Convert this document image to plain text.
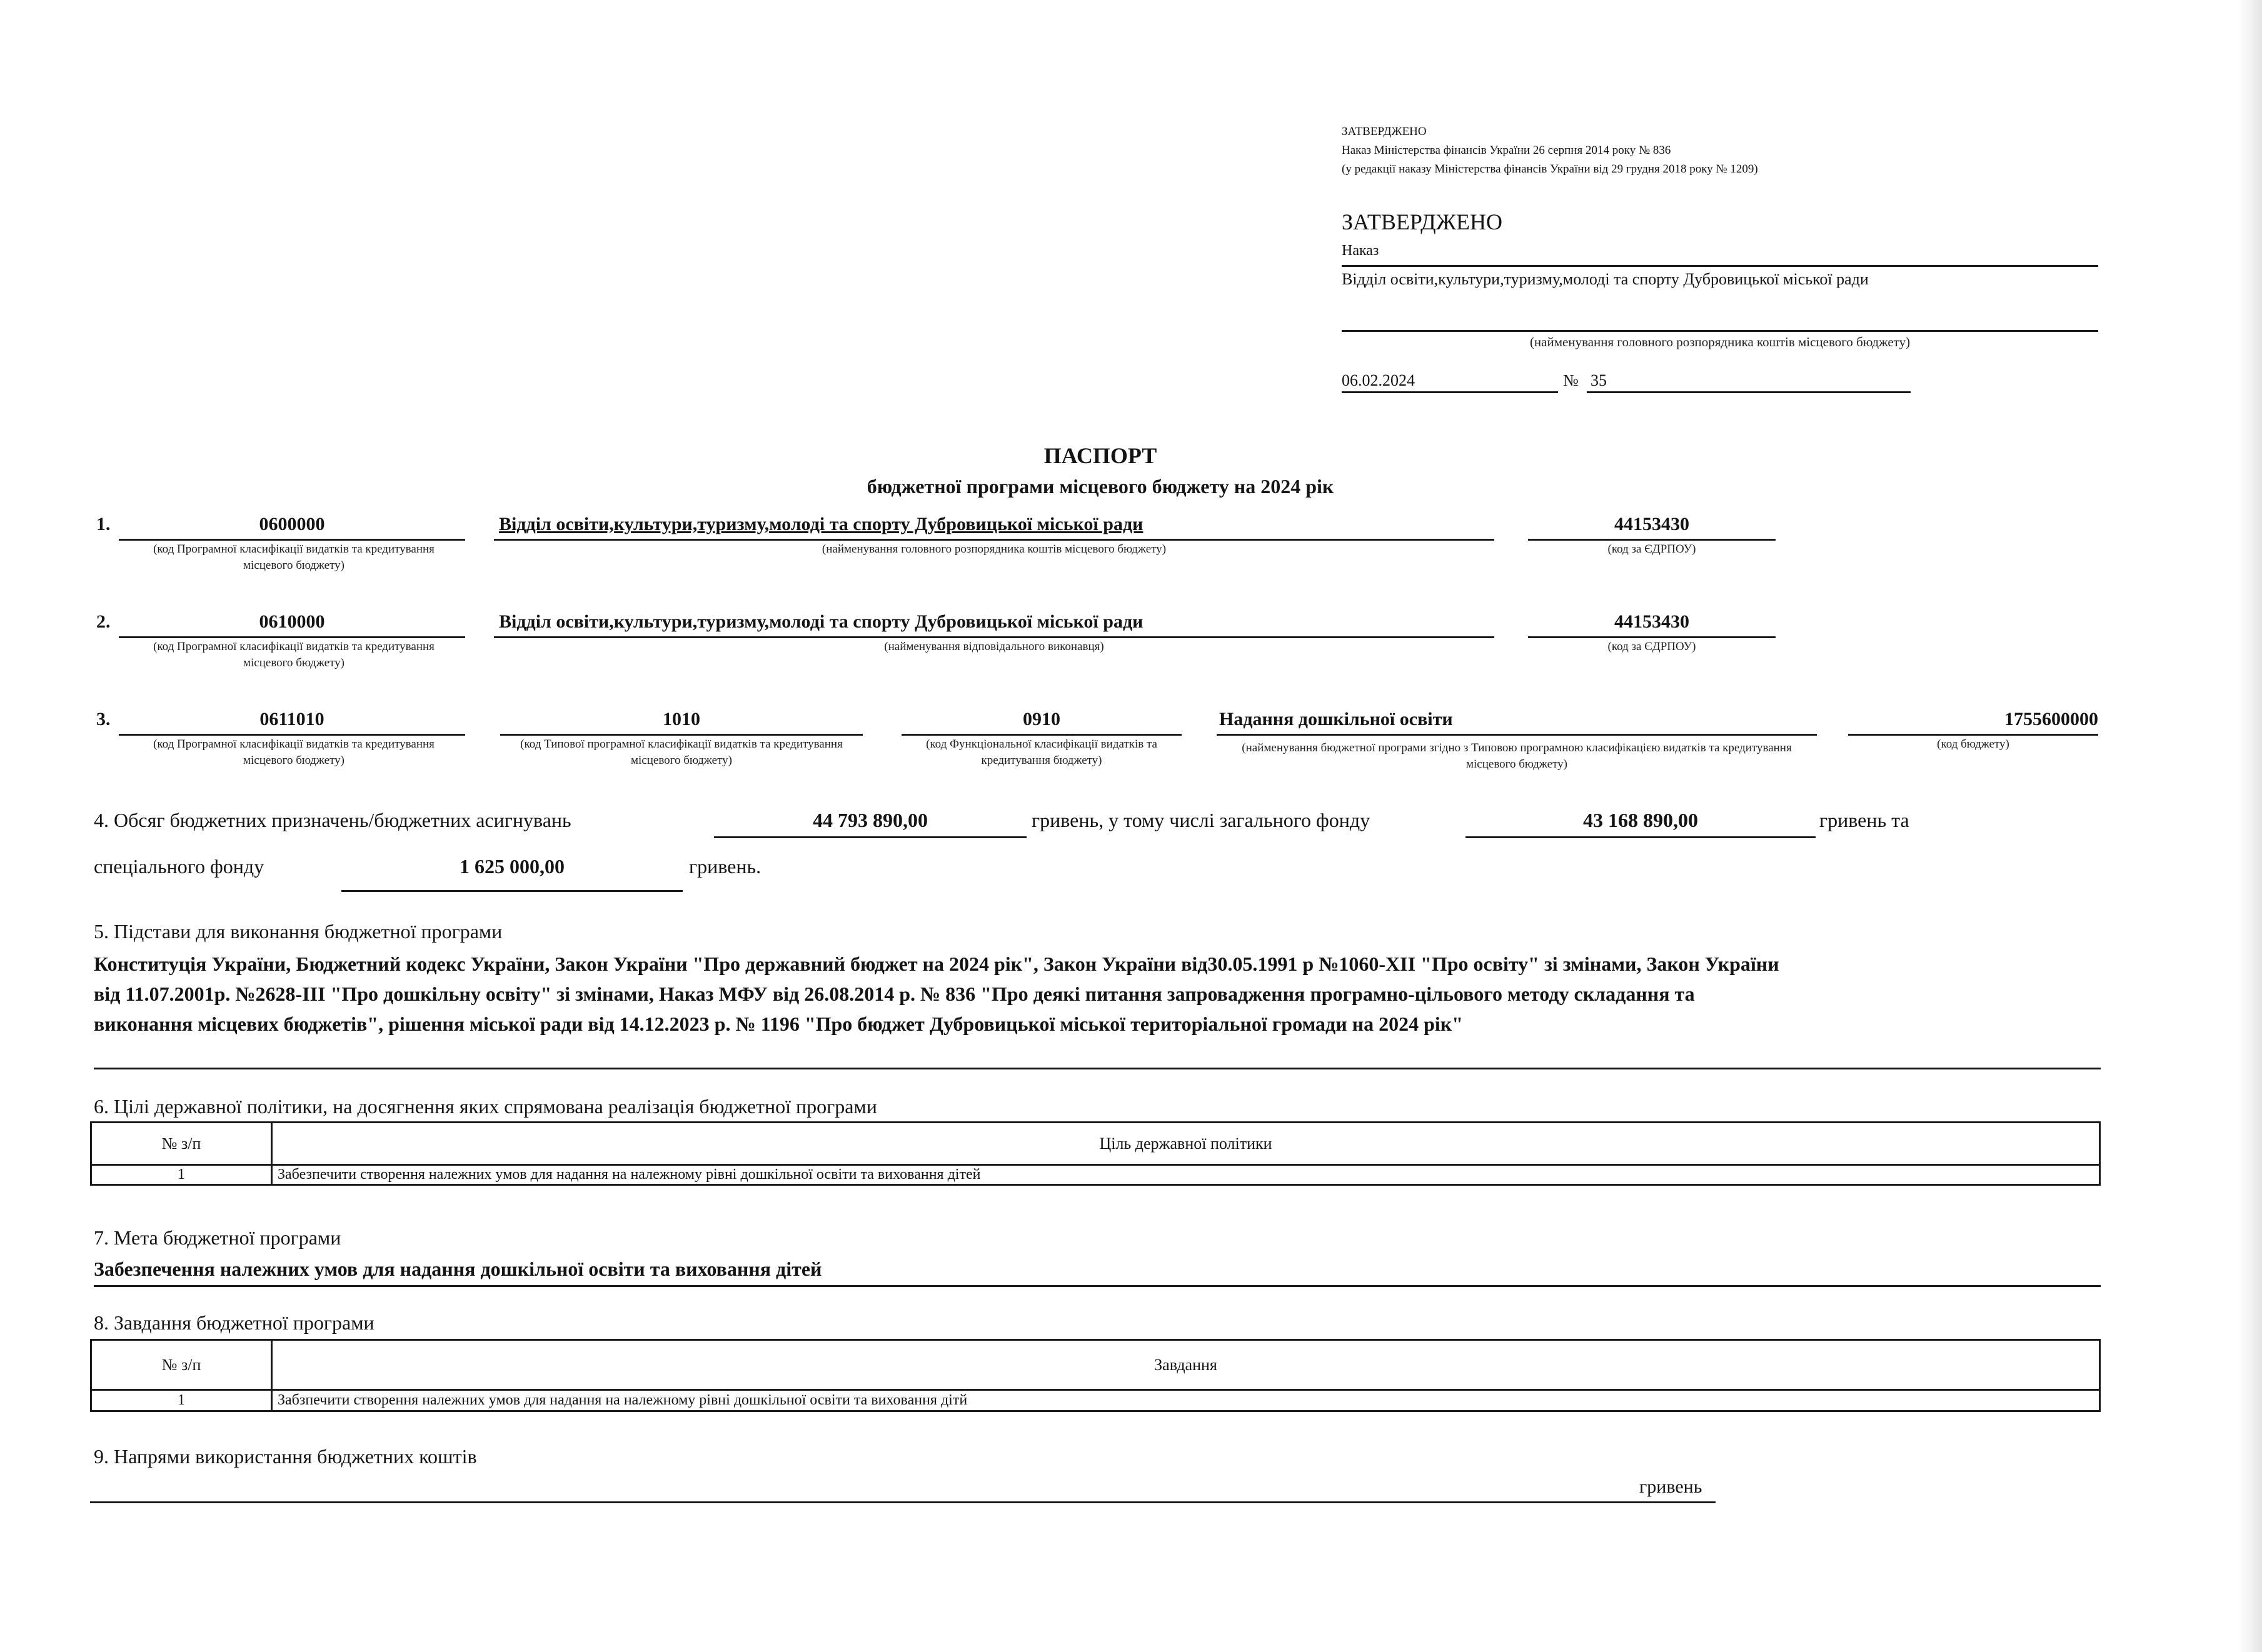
ЗАТВЕРДЖЕНО
Наказ Міністерства фінансів України 26 серпня 2014 року № 836
(у редакції наказу Міністерства фінансів України від 29 грудня 2018 року № 1209)
ЗАТВЕРДЖЕНО
Наказ
Відділ освіти,культури,туризму,молоді та спорту Дубровицької міської ради
(найменування головного розпорядника коштів місцевого бюджету)
06.02.2024	№ 35
ПАСПОРТ
бюджетної програми місцевого бюджету на 2024 рік
1.	0600000
(код Програмної класифікації видатків та кредитування місцевого бюджету)
Відділ освіти,культури,туризму,молоді та спорту Дубровицької міської ради
(найменування головного розпорядника коштів місцевого бюджету)
44153430
(код за ЄДРПОУ)
2.	0610000
(код Програмної класифікації видатків та кредитування місцевого бюджету)
Відділ освіти,культури,туризму,молоді та спорту Дубровицької міської ради
(найменування відповідального виконавця)
44153430
(код за ЄДРПОУ)
3.	0611010
(код Програмної класифікації видатків та кредитування місцевого бюджету)
1010
(код Типової програмної класифікації видатків та кредитування місцевого бюджету)
0910
(код Функціональної класифікації видатків та кредитування бюджету)
Надання дошкільної освіти
(найменування бюджетної програми згідно з Типовою програмною класифікацією видатків та кредитування місцевого бюджету)
1755600000
(код бюджету)
4. Обсяг бюджетних призначень/бюджетних асигнувань	44 793 890,00	гривень, у тому числі загального фонду	43 168 890,00	гривень та
спеціального фонду	1 625 000,00	гривень.
5. Підстави для виконання бюджетної програми
Конституція України, Бюджетний кодекс України, Закон України "Про державний бюджет на 2024 рік", Закон України від30.05.1991 р №1060-XII "Про освіту" зі змінами, Закон України
від 11.07.2001р. №2628-ІІІ "Про дошкільну освіту" зі змінами, Наказ МФУ від 26.08.2014 р. № 836 "Про деякі питання запровадження програмно-цільового методу складання та
виконання місцевих бюджетів", рішення міської ради від 14.12.2023 р. № 1196 "Про бюджет Дубровицької міської територіальної громади на 2024 рік"
6. Цілі державної політики, на досягнення яких спрямована реалізація бюджетної програми
№ з/п	Ціль державної політики
1	Забезпечити створення належних умов для надання на належному рівні дошкільної освіти та виховання дітей
7. Мета бюджетної програми
Забезпечення належних умов для надання дошкільної освіти та виховання дітей
8. Завдання бюджетної програми
№ з/п	Завдання
1	Забзпечити створення належних умов для надання на належному рівні дошкільної освіти та виховання дітй
9. Напрями використання бюджетних коштів
гривень
